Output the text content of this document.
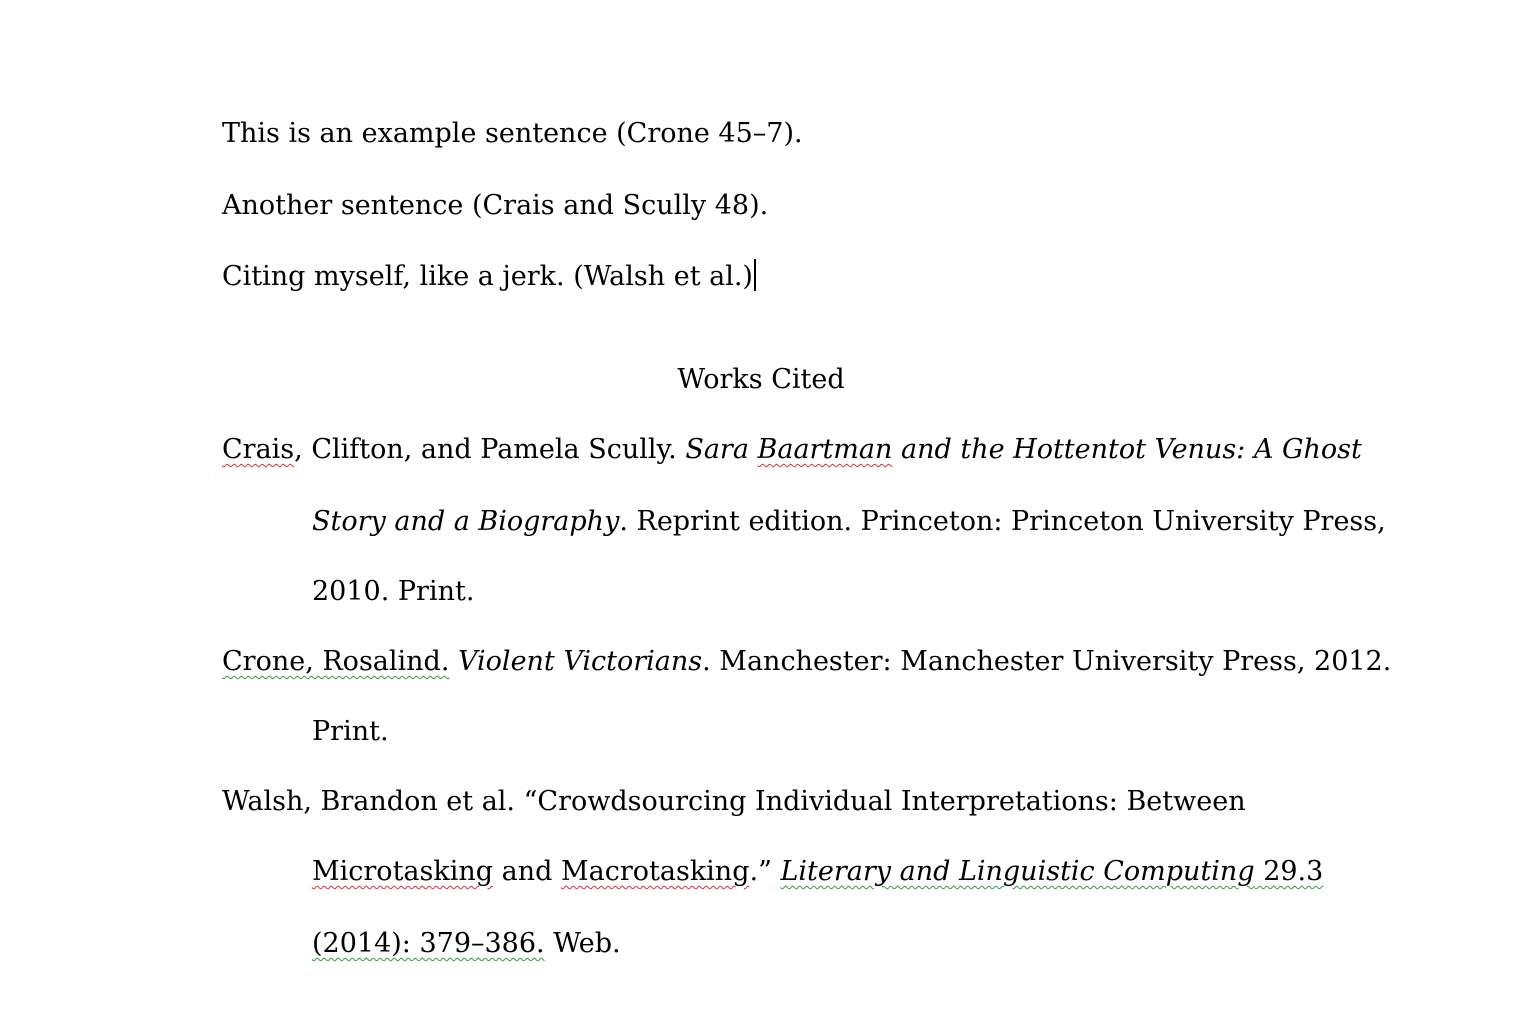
This is an example sentence (Crone 45–7).
Another sentence (Crais and Scully 48).
Citing myself, like a jerk. (Walsh et al.)
Works Cited
Crais, Clifton, and Pamela Scully. Sara Baartman and the Hottentot Venus: A Ghost
Story and a Biography. Reprint edition. Princeton: Princeton University Press,
2010. Print.
Crone, Rosalind. Violent Victorians. Manchester: Manchester University Press, 2012.
Print.
Walsh, Brandon et al. “Crowdsourcing Individual Interpretations: Between
Microtasking and Macrotasking.” Literary and Linguistic Computing 29.3
(2014): 379–386. Web.
